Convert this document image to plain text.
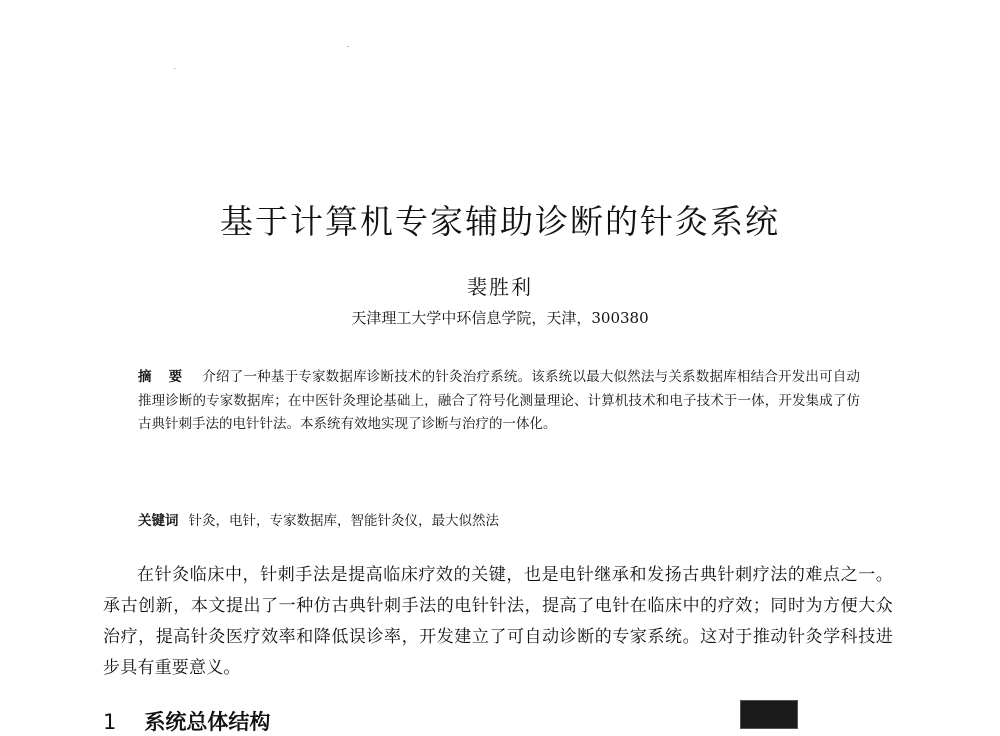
基于计算机专家辅助诊断的针灸系统
裴胜利
天津理工大学中环信息学院，天津，300380
摘 要 介绍了一种基于专家数据库诊断技术的针灸治疗系统。该系统以最大似然法与关系数据库相结合开发出可自动推理诊断的专家数据库；在中医针灸理论基础上，融合了符号化测量理论、计算机技术和电子技术于一体，开发集成了仿古典针刺手法的电针针法。本系统有效地实现了诊断与治疗的一体化。
关键词 针灸，电针，专家数据库，智能针灸仪，最大似然法
在针灸临床中，针刺手法是提高临床疗效的关键，也是电针继承和发扬古典针刺疗法的难点之一。承古创新，本文提出了一种仿古典针刺手法的电针针法，提高了电针在临床中的疗效；同时为方便大众治疗，提高针灸医疗效率和降低误诊率，开发建立了可自动诊断的专家系统。这对于推动针灸学科技进步具有重要意义。
1 系统总体结构
